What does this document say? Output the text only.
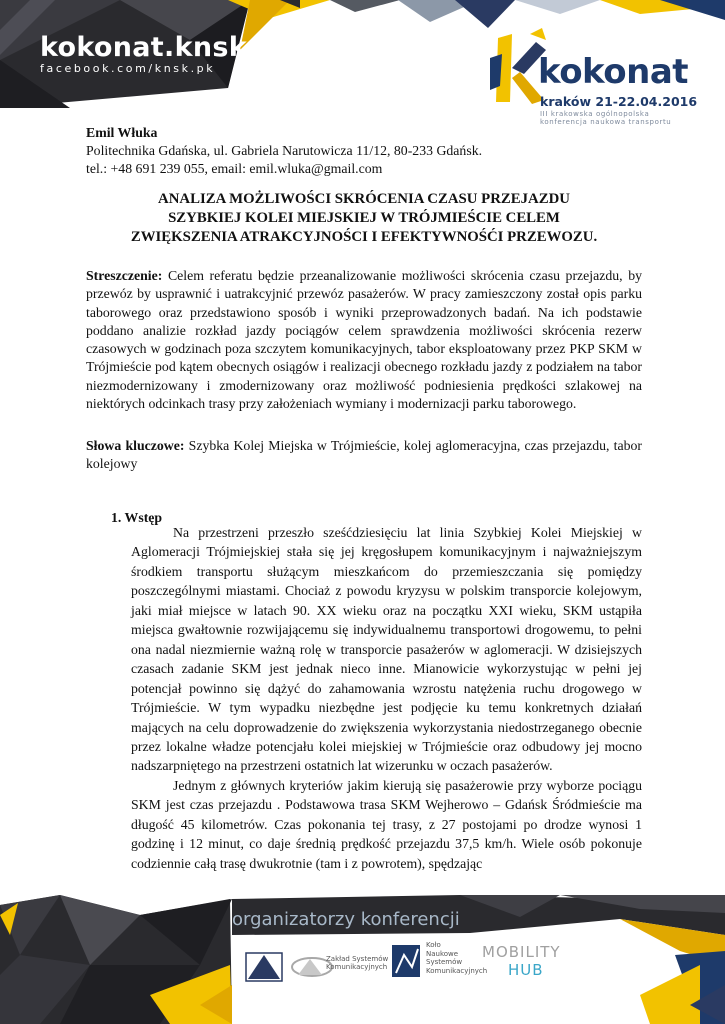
kokonat.knsk.org
facebook.com/knsk.pk	kokonat
kraków 21-22.04.2016
III krakowska ogólnopolska
konferencja naukowa transportu
Emil Włuka
Politechnika Gdańska, ul. Gabriela Narutowicza 11/12, 80-233 Gdańsk.
tel.: +48 691 239 055, email: emil.wluka@gmail.com
ANALIZA MOŻLIWOŚCI SKRÓCENIA CZASU PRZEJAZDU
SZYBKIEJ KOLEI MIEJSKIEJ W TRÓJMIEŚCIE CELEM
ZWIĘKSZENIA ATRAKCYJNOŚCI I EFEKTYWNOŚĆI PRZEWOZU.
Streszczenie: Celem referatu będzie przeanalizowanie możliwości skrócenia czasu przejazdu, by przewóz by usprawnić i uatrakcyjnić przewóz pasażerów. W pracy zamieszczony został opis parku taborowego oraz przedstawiono sposób i wyniki przeprowadzonych badań. Na ich podstawie poddano analizie rozkład jazdy pociągów celem sprawdzenia możliwości skrócenia rezerw czasowych w godzinach poza szczytem komunikacyjnych, tabor eksploatowany przez PKP SKM w Trójmieście pod kątem obecnych osiągów i realizacji obecnego rozkładu jazdy z podziałem na tabor niezmodernizowany i zmodernizowany oraz możliwość podniesienia prędkości szlakowej na niektórych odcinkach trasy przy założeniach wymiany i modernizacji parku taborowego.
Słowa kluczowe: Szybka Kolej Miejska w Trójmieście, kolej aglomeracyjna, czas przejazdu, tabor kolejowy
1. Wstęp

Na przestrzeni przeszło sześćdziesięciu lat linia Szybkiej Kolei Miejskiej w Aglomeracji Trójmiejskiej stała się jej kręgosłupem komunikacyjnym i najważniejszym środkiem transportu służącym mieszkańcom do przemieszczania się pomiędzy poszczególnymi miastami. Chociaż z powodu kryzysu w polskim transporcie kolejowym, jaki miał miejsce w latach 90. XX wieku oraz na początku XXI wieku, SKM ustąpiła miejsca gwałtownie rozwijającemu się indywidualnemu transportowi drogowemu, to pełni ona nadal niezmiernie ważną rolę w transporcie pasażerów w aglomeracji. W dzisiejszych czasach zadanie SKM jest jednak nieco inne. Mianowicie wykorzystując w pełni jej potencjał powinno się dążyć do zahamowania wzrostu natężenia ruchu drogowego w Trójmieście. W tym wypadku niezbędne jest podjęcie ku temu konkretnych działań mających na celu doprowadzenie do zwiększenia wykorzystania niedostrzeganego obecnie przez lokalne władze potencjału kolei miejskiej w Trójmieście oraz odbudowy jej mocno nadszarpniętego na przestrzeni ostatnich lat wizerunku w oczach pasażerów.

Jednym z głównych kryteriów jakim kierują się pasażerowie przy wyborze pociągu SKM jest czas przejazdu . Podstawowa trasa SKM Wejherowo – Gdańsk Śródmieście ma długość 45 kilometrów. Czas pokonania tej trasy, z 27 postojami po drodze wynosi 1 godzinę i 12 minut, co daje średnią prędkość przejazdu 37,5 km/h. Wiele osób pokonuje codziennie całą trasę dwukrotnie (tam i z powrotem), spędzając

organizatorzy konferencji
PK
Zakład Systemów
Komunikacyjnych
Koło
Naukowe
Systemów
Komunikacyjnych
MOBILITY
HUB
